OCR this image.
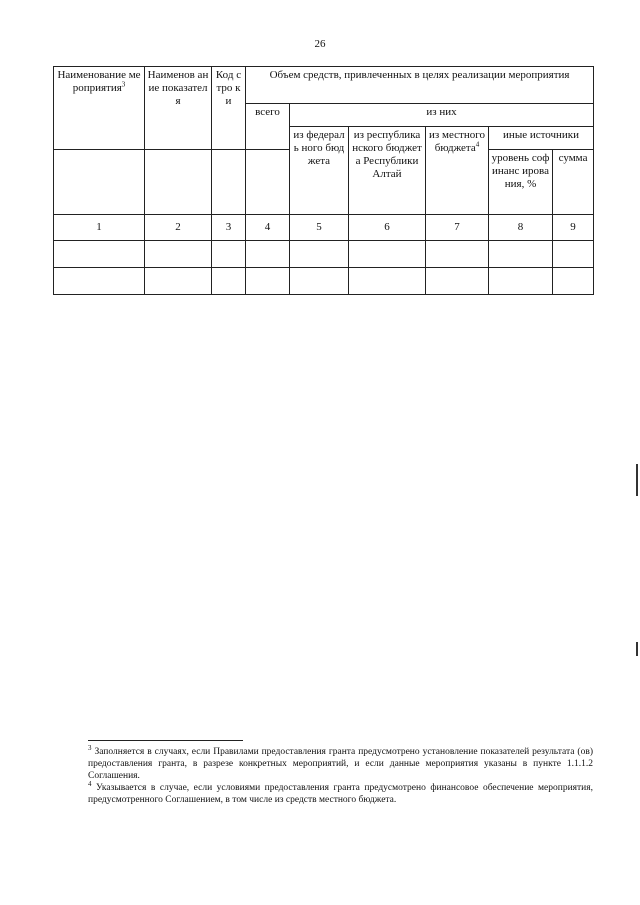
26
Наименование мероприятия$^3$	Наименов ание показателя	Код стро ки	Объем средств, привлеченных в целях реализации мероприятия					
			всего	из них				
				из федераль ного бюджета	из республика нского бюджета Республики Алтай	из местного бюджета$^4$	иные источники	
							уровень софинанс ирования, %	сумма
1	2	3	4	5	6	7	8	9

$^3$ Заполняется в случаях, если Правилами предоставления гранта предусмотрено установление показателей результата (ов) предоставления гранта, в разрезе конкретных мероприятий, и если данные мероприятия указаны в пункте 1.1.1.2 Соглашения.

$^4$ Указывается в случае, если условиями предоставления гранта предусмотрено финансовое обеспечение мероприятия, предусмотренного Соглашением, в том числе из средств местного бюджета.
